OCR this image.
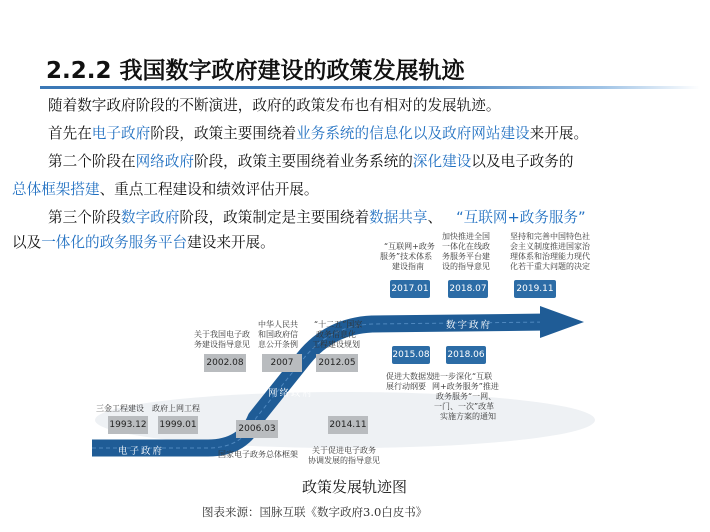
2.2.2 我国数字政府建设的政策发展轨迹
随着数字政府阶段的不断演进，政府的政策发布也有相对的发展轨迹。
首先在电子政府阶段，政策主要围绕着业务系统的信息化以及政府网站建设来开展。
第二个阶段在网络政府阶段，政策主要围绕着业务系统的深化建设以及电子政务的
总体框架搭建、重点工程建设和绩效评估开展。
第三个阶段数字政府阶段，政策制定是主要围绕着数据共享、 “互联网+政务服务”
以及一体化的政务服务平台建设来开展。
电子政府
网络政府
数字政府
三金工程建设
1993.12
政府上网工程
1999.01
关于我国电子政
务建设指导意见
2002.08
2006.03
国家电子政务总体框架
中华人民共
和国政府信
息公开条例
2007
“十二五”国家
政务信息化
工程建设规划
2012.05
2014.11
关于促进电子政务
协调发展的指导意见
2015.08
促进大数据发
展行动纲要
2018.06
进一步深化“互联
网+政务服务”推进
政务服务“一网、
一门、一次”改革
实施方案的通知
“互联网+政务
服务”技术体系
建设指南
2017.01
加快推进全国
一体化在线政
务服务平台建
设的指导意见
2018.07
坚持和完善中国特色社
会主义制度推进国家治
理体系和治理能力现代
化若干重大问题的决定
2019.11
政策发展轨迹图
图表来源：国脉互联《数字政府3.0白皮书》
